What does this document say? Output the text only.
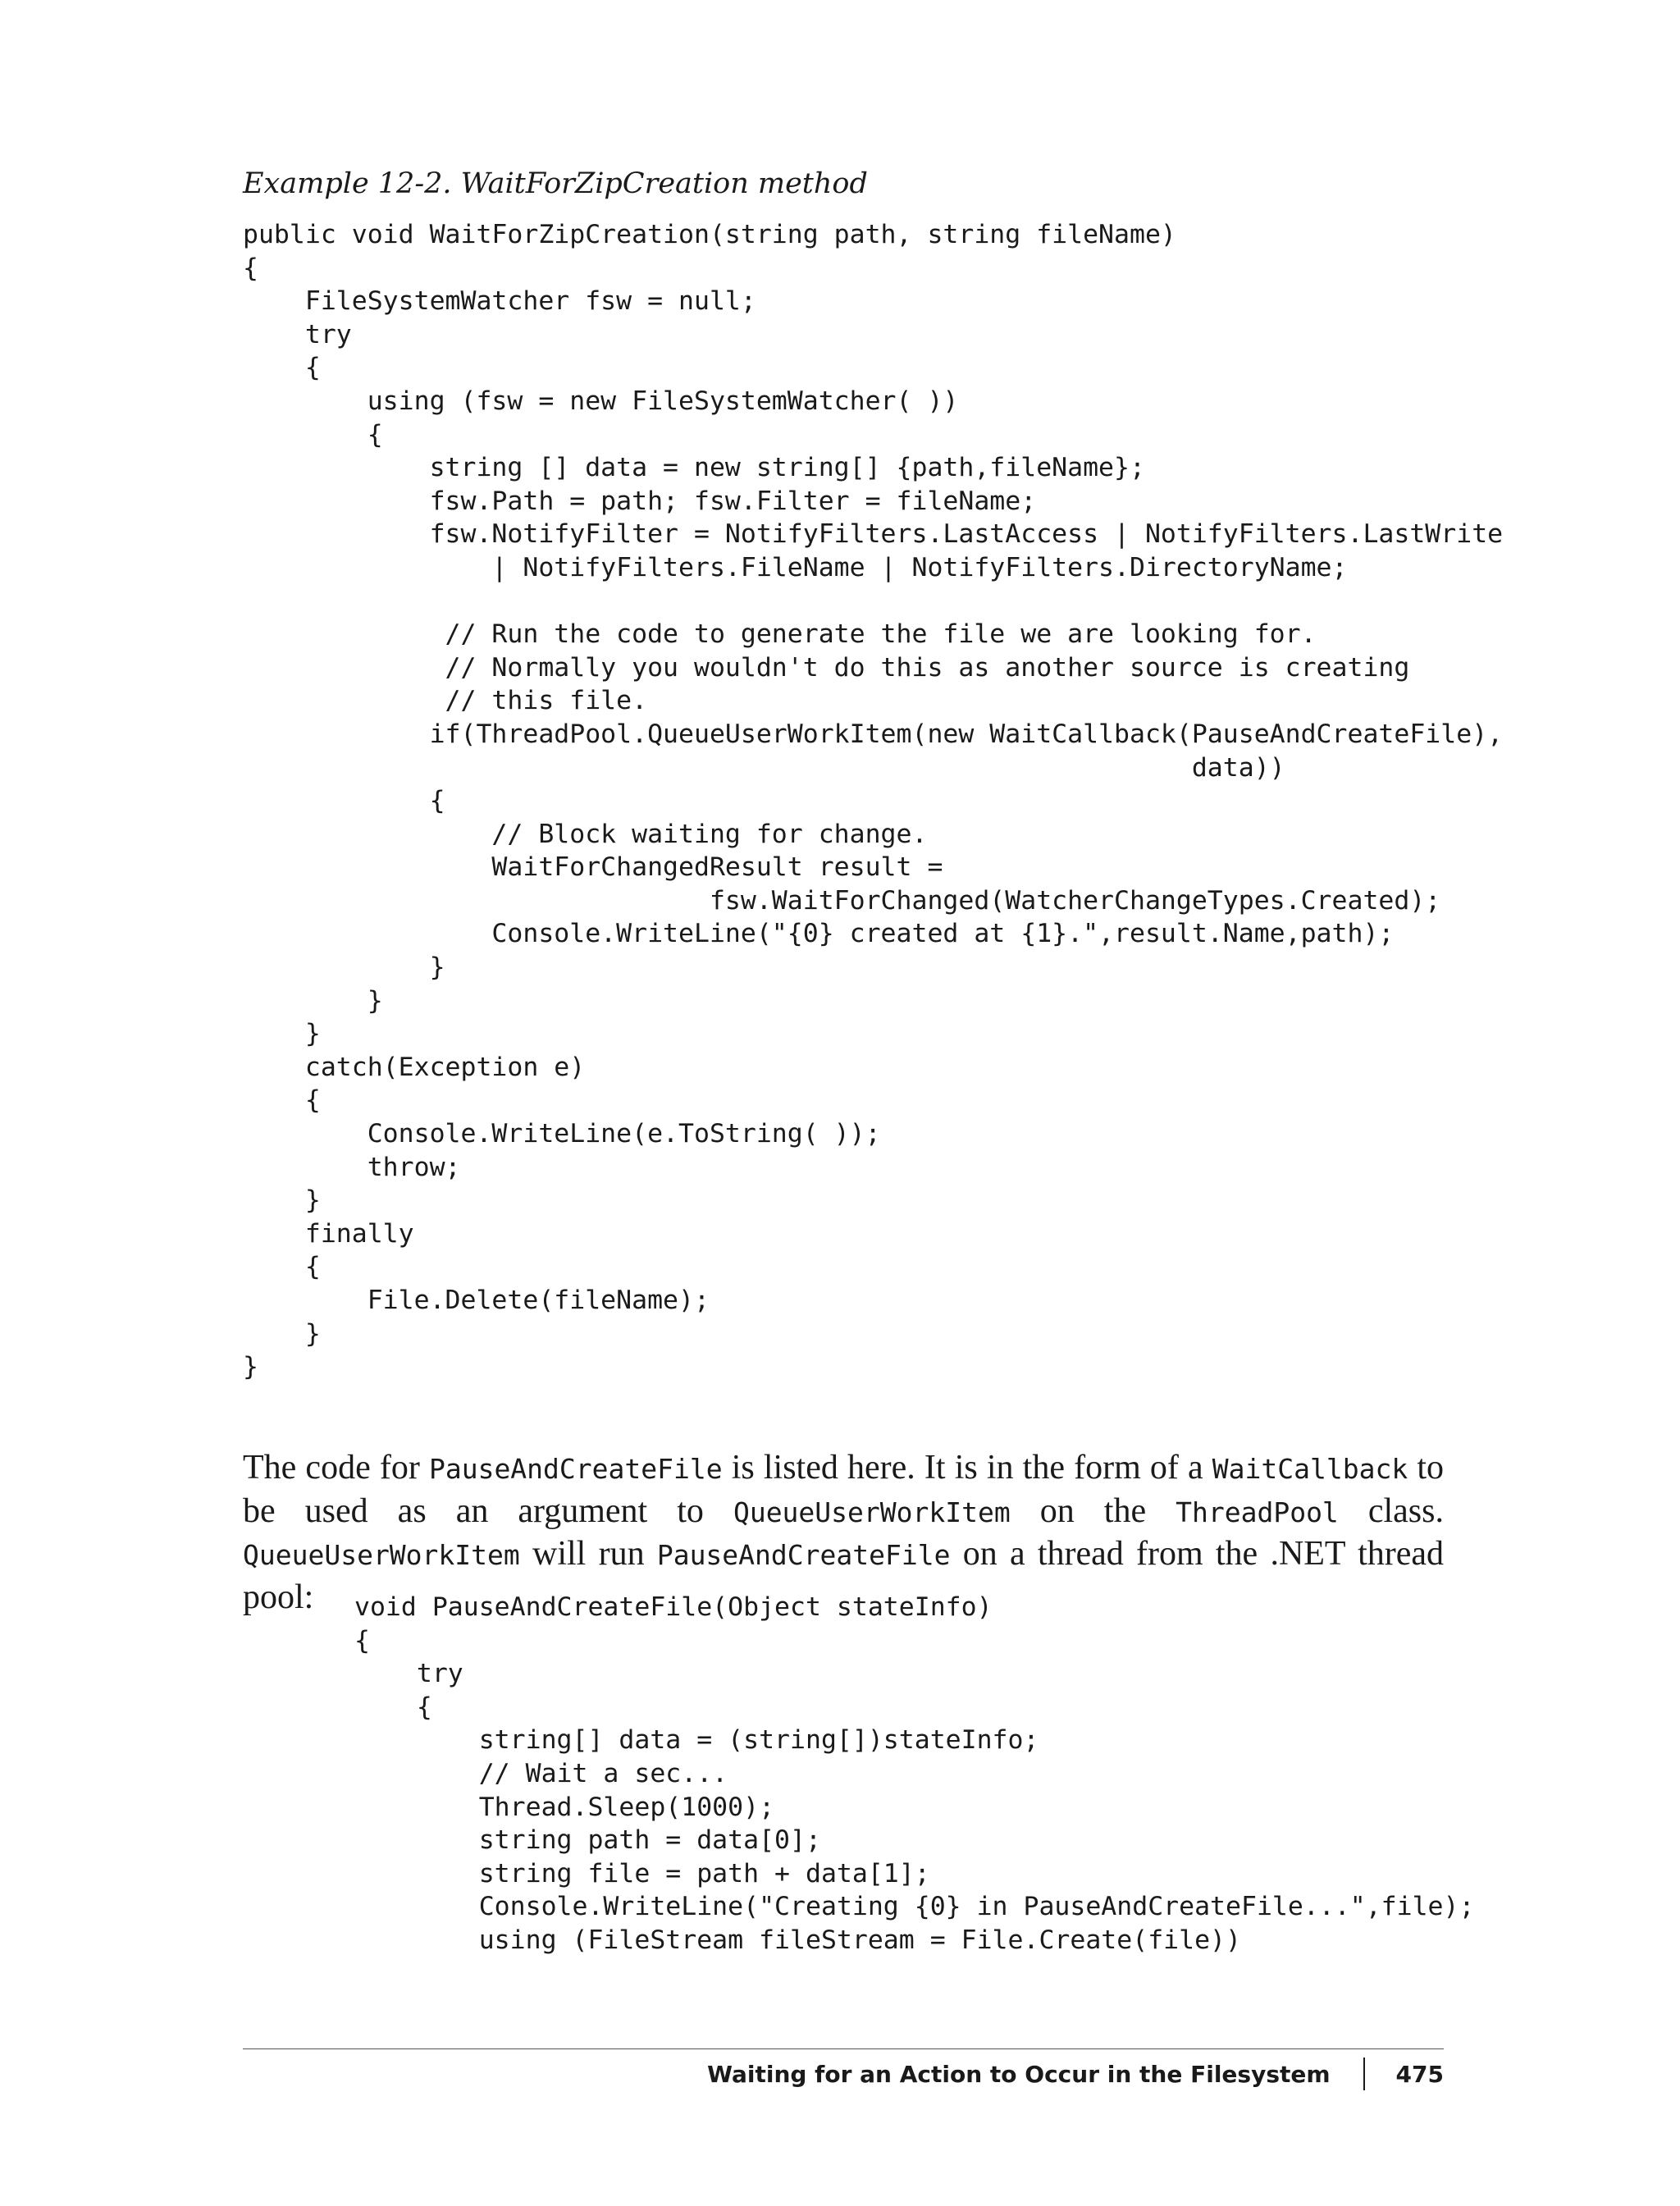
Example 12-2. WaitForZipCreation method
public void WaitForZipCreation(string path, string fileName)
{
FileSystemWatcher fsw = null;
try
{
using (fsw = new FileSystemWatcher( ))
{
string [] data = new string[] {path,fileName};
fsw.Path = path; fsw.Filter = fileName;
fsw.NotifyFilter = NotifyFilters.LastAccess | NotifyFilters.LastWrite
| NotifyFilters.FileName | NotifyFilters.DirectoryName;

// Run the code to generate the file we are looking for.
// Normally you wouldn't do this as another source is creating
// this file.
if(ThreadPool.QueueUserWorkItem(new WaitCallback(PauseAndCreateFile),
data))
{
// Block waiting for change.
WaitForChangedResult result =
fsw.WaitForChanged(WatcherChangeTypes.Created);
Console.WriteLine("{0} created at {1}.",result.Name,path);
}
}
}
catch(Exception e)
{
Console.WriteLine(e.ToString( ));
throw;
}
finally
{
File.Delete(fileName);
}
}

The code for PauseAndCreateFile is listed here. It is in the form of a WaitCallback to be used as an argument to QueueUserWorkItem on the ThreadPool class. QueueUserWorkItem will run PauseAndCreateFile on a thread from the .NET thread pool:	void PauseAndCreateFile(Object stateInfo)
{
try
{
string[] data = (string[])stateInfo;
// Wait a sec...
Thread.Sleep(1000);
string path = data[0];
string file = path + data[1];
Console.WriteLine("Creating {0} in PauseAndCreateFile...",file);
using (FileStream fileStream = File.Create(file))
Waiting for an Action to Occur in the Filesystem	475
